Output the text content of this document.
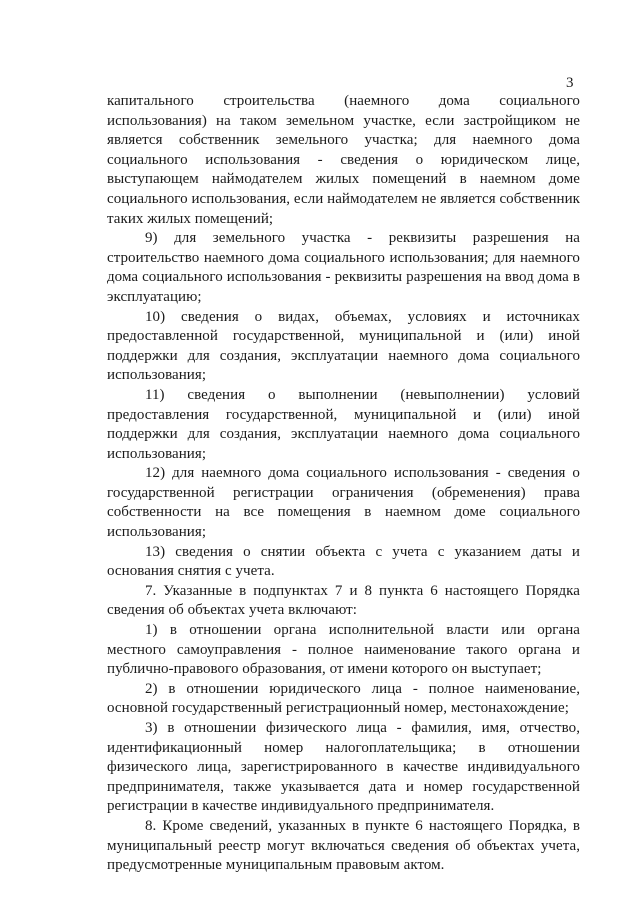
3

капитального строительства (наемного дома социального использования) на таком земельном участке, если застройщиком не является собственник земельного участка; для наемного дома социального использования - сведения о юридическом лице, выступающем наймодателем жилых помещений в наемном доме социального использования, если наймодателем не является собственник таких жилых помещений;

9) для земельного участка - реквизиты разрешения на строительство наемного дома социального использования; для наемного дома социального использования - реквизиты разрешения на ввод дома в эксплуатацию;

10) сведения о видах, объемах, условиях и источниках предоставленной государственной, муниципальной и (или) иной поддержки для создания, эксплуатации наемного дома социального использования;

11) сведения о выполнении (невыполнении) условий предоставления государственной, муниципальной и (или) иной поддержки для создания, эксплуатации наемного дома социального использования;

12) для наемного дома социального использования - сведения о государственной регистрации ограничения (обременения) права собственности на все помещения в наемном доме социального использования;

13) сведения о снятии объекта с учета с указанием даты и основания снятия с учета.

7. Указанные в подпунктах 7 и 8 пункта 6 настоящего Порядка сведения об объектах учета включают:

1) в отношении органа исполнительной власти или органа местного самоуправления - полное наименование такого органа и публично-правового образования, от имени которого он выступает;

2) в отношении юридического лица - полное наименование, основной государственный регистрационный номер, местонахождение;

3) в отношении физического лица - фамилия, имя, отчество, идентификационный номер налогоплательщика; в отношении физического лица, зарегистрированного в качестве индивидуального предпринимателя, также указывается дата и номер государственной регистрации в качестве индивидуального предпринимателя.

8. Кроме сведений, указанных в пункте 6 настоящего Порядка, в муниципальный реестр могут включаться сведения об объектах учета, предусмотренные муниципальным правовым актом.
